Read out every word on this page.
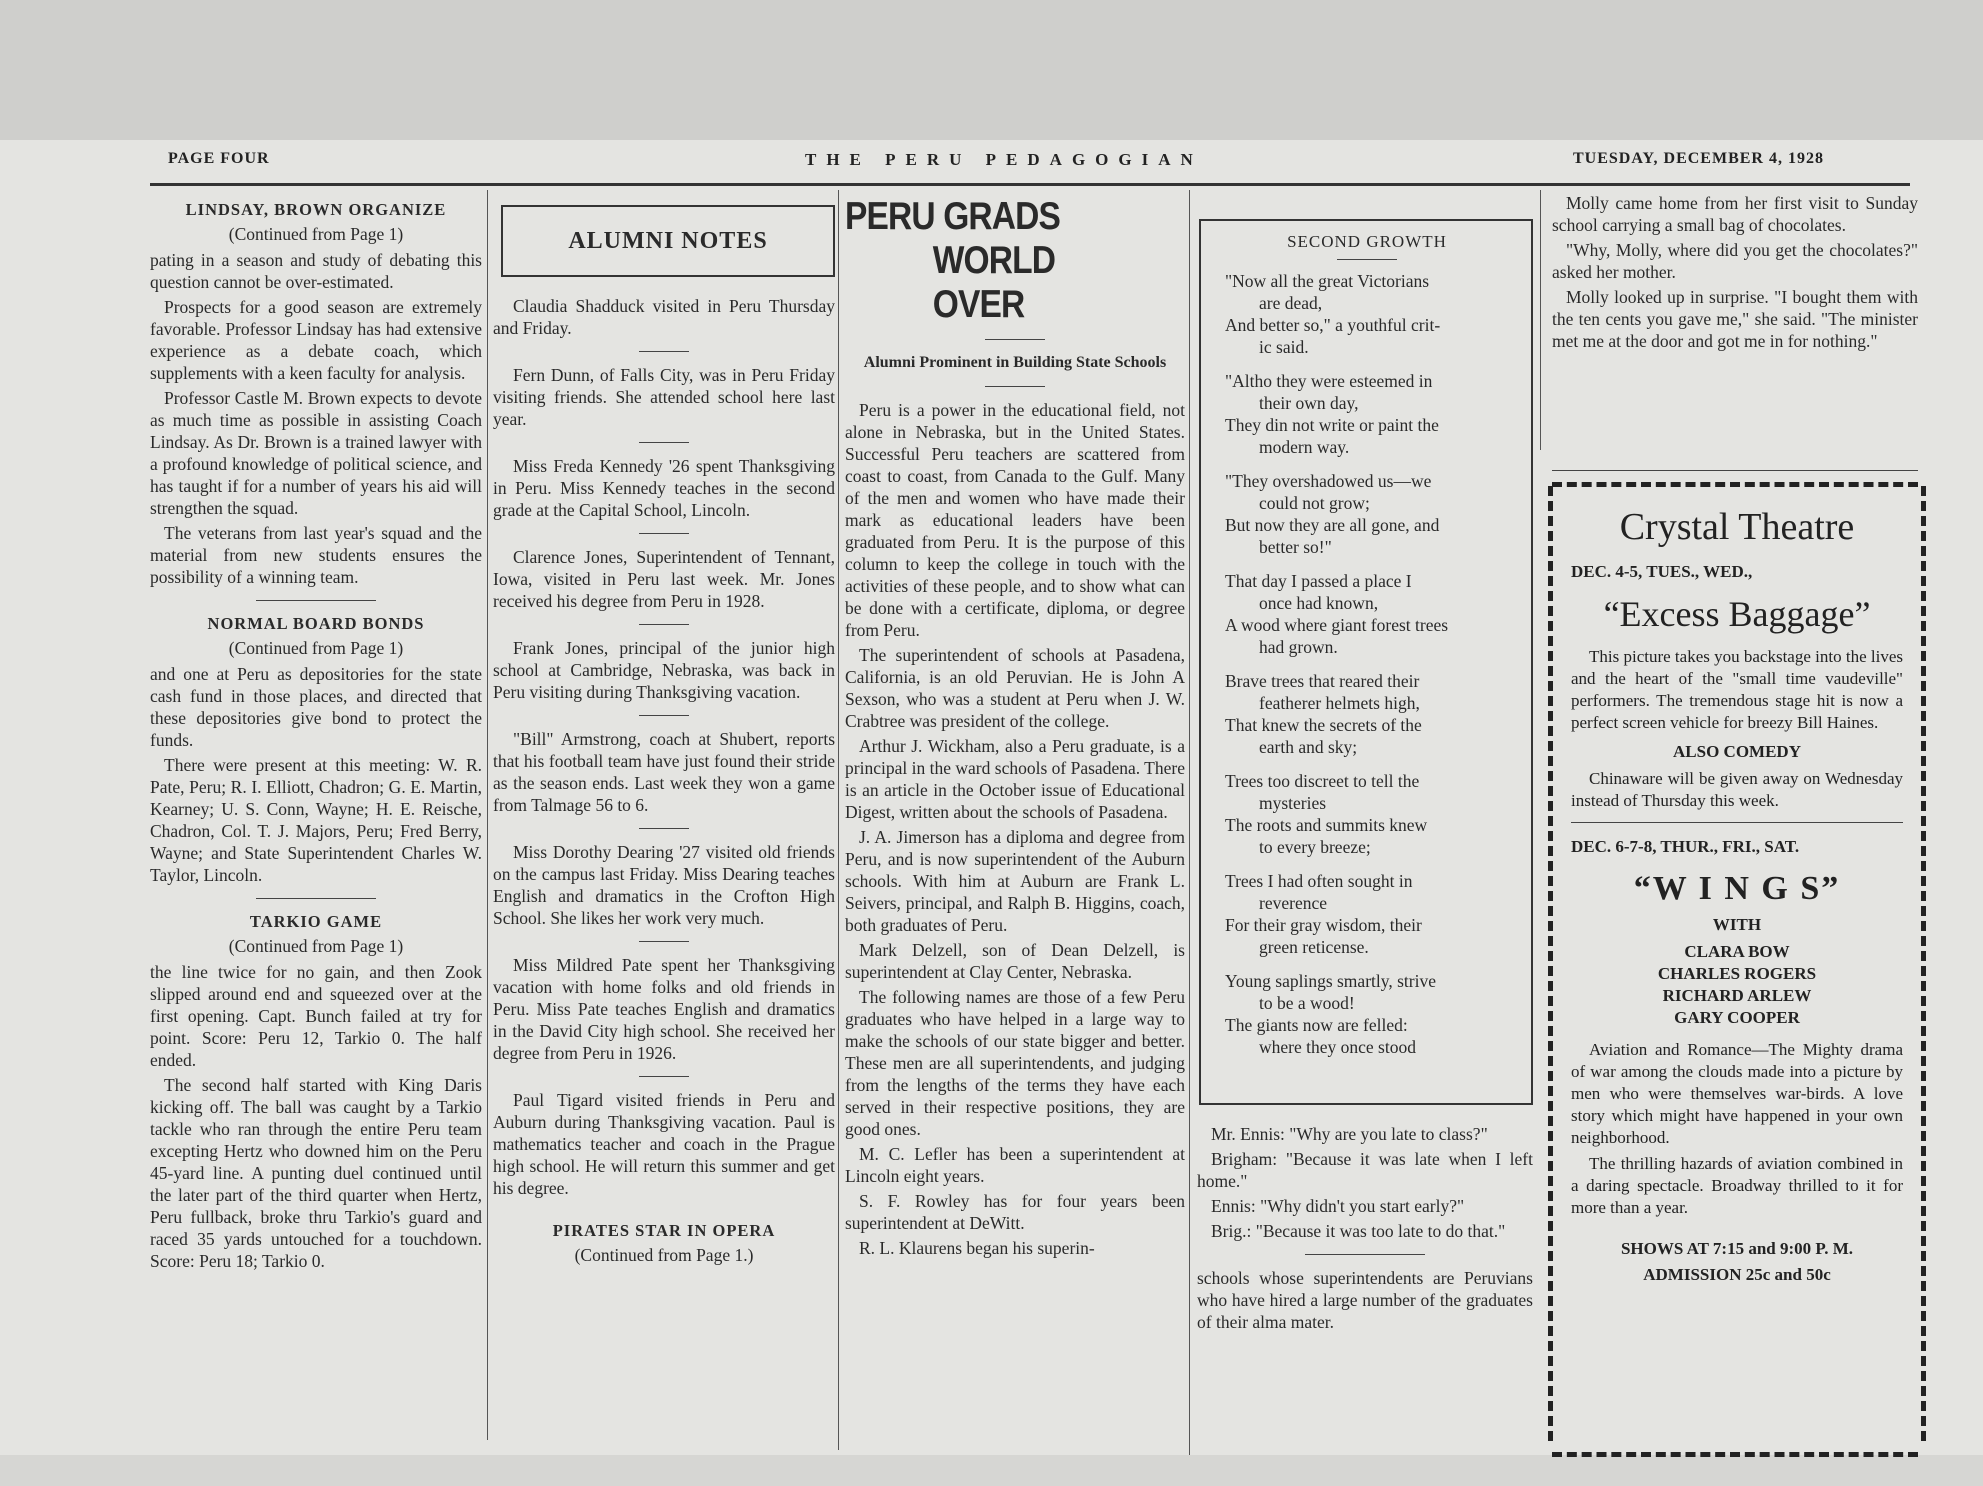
PAGE FOUR	THE PERU PEDAGOGIAN	TUESDAY, DECEMBER 4, 1928
LINDSAY, BROWN ORGANIZE
(Continued from Page 1)

pating in a season and study of debating this question cannot be over-estimated.

Prospects for a good season are extremely favorable. Professor Lindsay has had extensive experience as a debate coach, which supplements with a keen faculty for analysis.

Professor Castle M. Brown expects to devote as much time as possible in assisting Coach Lindsay. As Dr. Brown is a trained lawyer with a profound knowledge of political science, and has taught if for a number of years his aid will strengthen the squad.

The veterans from last year's squad and the material from new students ensures the possibility of a winning team.

NORMAL BOARD BONDS
(Continued from Page 1)

and one at Peru as depositories for the state cash fund in those places, and directed that these depositories give bond to protect the funds.

There were present at this meeting: W. R. Pate, Peru; R. I. Elliott, Chadron; G. E. Martin, Kearney; U. S. Conn, Wayne; H. E. Reische, Chadron, Col. T. J. Majors, Peru; Fred Berry, Wayne; and State Superintendent Charles W. Taylor, Lincoln.

TARKIO GAME
(Continued from Page 1)

the line twice for no gain, and then Zook slipped around end and squeezed over at the first opening. Capt. Bunch failed at try for point. Score: Peru 12, Tarkio 0. The half ended.

The second half started with King Daris kicking off. The ball was caught by a Tarkio tackle who ran through the entire Peru team excepting Hertz who downed him on the Peru 45-yard line. A punting duel continued until the later part of the third quarter when Hertz, Peru fullback, broke thru Tarkio's guard and raced 35 yards untouched for a touchdown. Score: Peru 18; Tarkio 0.

ALUMNI NOTES

Claudia Shadduck visited in Peru Thursday and Friday.

Fern Dunn, of Falls City, was in Peru Friday visiting friends. She attended school here last year.

Miss Freda Kennedy '26 spent Thanksgiving in Peru. Miss Kennedy teaches in the second grade at the Capital School, Lincoln.

Clarence Jones, Superintendent of Tennant, Iowa, visited in Peru last week. Mr. Jones received his degree from Peru in 1928.

Frank Jones, principal of the junior high school at Cambridge, Nebraska, was back in Peru visiting during Thanksgiving vacation.

"Bill" Armstrong, coach at Shubert, reports that his football team have just found their stride as the season ends. Last week they won a game from Talmage 56 to 6.

Miss Dorothy Dearing '27 visited old friends on the campus last Friday. Miss Dearing teaches English and dramatics in the Crofton High School. She likes her work very much.

Miss Mildred Pate spent her Thanksgiving vacation with home folks and old friends in Peru. Miss Pate teaches English and dramatics in the David City high school. She received her degree from Peru in 1926.

Paul Tigard visited friends in Peru and Auburn during Thanksgiving vacation. Paul is mathematics teacher and coach in the Prague high school. He will return this summer and get his degree.

PIRATES STAR IN OPERA
(Continued from Page 1.)
PERU GRADS
WORLD OVER
Alumni Prominent in Building State Schools

Peru is a power in the educational field, not alone in Nebraska, but in the United States. Successful Peru teachers are scattered from coast to coast, from Canada to the Gulf. Many of the men and women who have made their mark as educational leaders have been graduated from Peru. It is the purpose of this column to keep the college in touch with the activities of these people, and to show what can be done with a certificate, diploma, or degree from Peru.

The superintendent of schools at Pasadena, California, is an old Peruvian. He is John A Sexson, who was a student at Peru when J. W. Crabtree was president of the college.

Arthur J. Wickham, also a Peru graduate, is a principal in the ward schools of Pasadena. There is an article in the October issue of Educational Digest, written about the schools of Pasadena.

J. A. Jimerson has a diploma and degree from Peru, and is now superintendent of the Auburn schools. With him at Auburn are Frank L. Seivers, principal, and Ralph B. Higgins, coach, both graduates of Peru.

Mark Delzell, son of Dean Delzell, is superintendent at Clay Center, Nebraska.

The following names are those of a few Peru graduates who have helped in a large way to make the schools of our state bigger and better. These men are all superintendents, and judging from the lengths of the terms they have each served in their respective positions, they are good ones.

M. C. Lefler has been a superintendent at Lincoln eight years.

S. F. Rowley has for four years been superintendent at DeWitt.

R. L. Klaurens began his superin-

SECOND GROWTH
"Now all the great Victorians
are dead,
And better so," a youthful crit-
ic said.
"Altho they were esteemed in
their own day,
They din not write or paint the
modern way.
"They overshadowed us—we
could not grow;
But now they are all gone, and
better so!"
That day I passed a place I
once had known,
A wood where giant forest trees
had grown.
Brave trees that reared their
featherer helmets high,
That knew the secrets of the
earth and sky;
Trees too discreet to tell the
mysteries
The roots and summits knew
to every breeze;
Trees I had often sought in
reverence
For their gray wisdom, their
green reticense.
Young saplings smartly, strive
to be a wood!
The giants now are felled:
where they once stood

Mr. Ennis: "Why are you late to class?"

Brigham: "Because it was late when I left home."

Ennis: "Why didn't you start early?"

Brig.: "Because it was too late to do that."

schools whose superintendents are Peruvians who have hired a large number of the graduates of their alma mater.

Molly came home from her first visit to Sunday school carrying a small bag of chocolates.

"Why, Molly, where did you get the chocolates?" asked her mother.

Molly looked up in surprise. "I bought them with the ten cents you gave me," she said. "The minister met me at the door and got me in for nothing."

Crystal Theatre
DEC. 4-5, TUES., WED.,
“Excess Baggage”
This picture takes you backstage into the lives and the heart of the "small time vaudeville" performers. The tremendous stage hit is now a perfect screen vehicle for breezy Bill Haines.
ALSO COMEDY
Chinaware will be given away on Wednesday instead of Thursday this week.
DEC. 6-7-8, THUR., FRI., SAT.
“W I N G S”
WITH
CLARA BOW
CHARLES ROGERS
RICHARD ARLEW
GARY COOPER
Aviation and Romance—The Mighty drama of war among the clouds made into a picture by men who were themselves war-birds. A love story which might have happened in your own neighborhood.
The thrilling hazards of aviation combined in a daring spectacle. Broadway thrilled to it for more than a year.
SHOWS AT 7:15 and 9:00 P. M.
ADMISSION 25c and 50c
